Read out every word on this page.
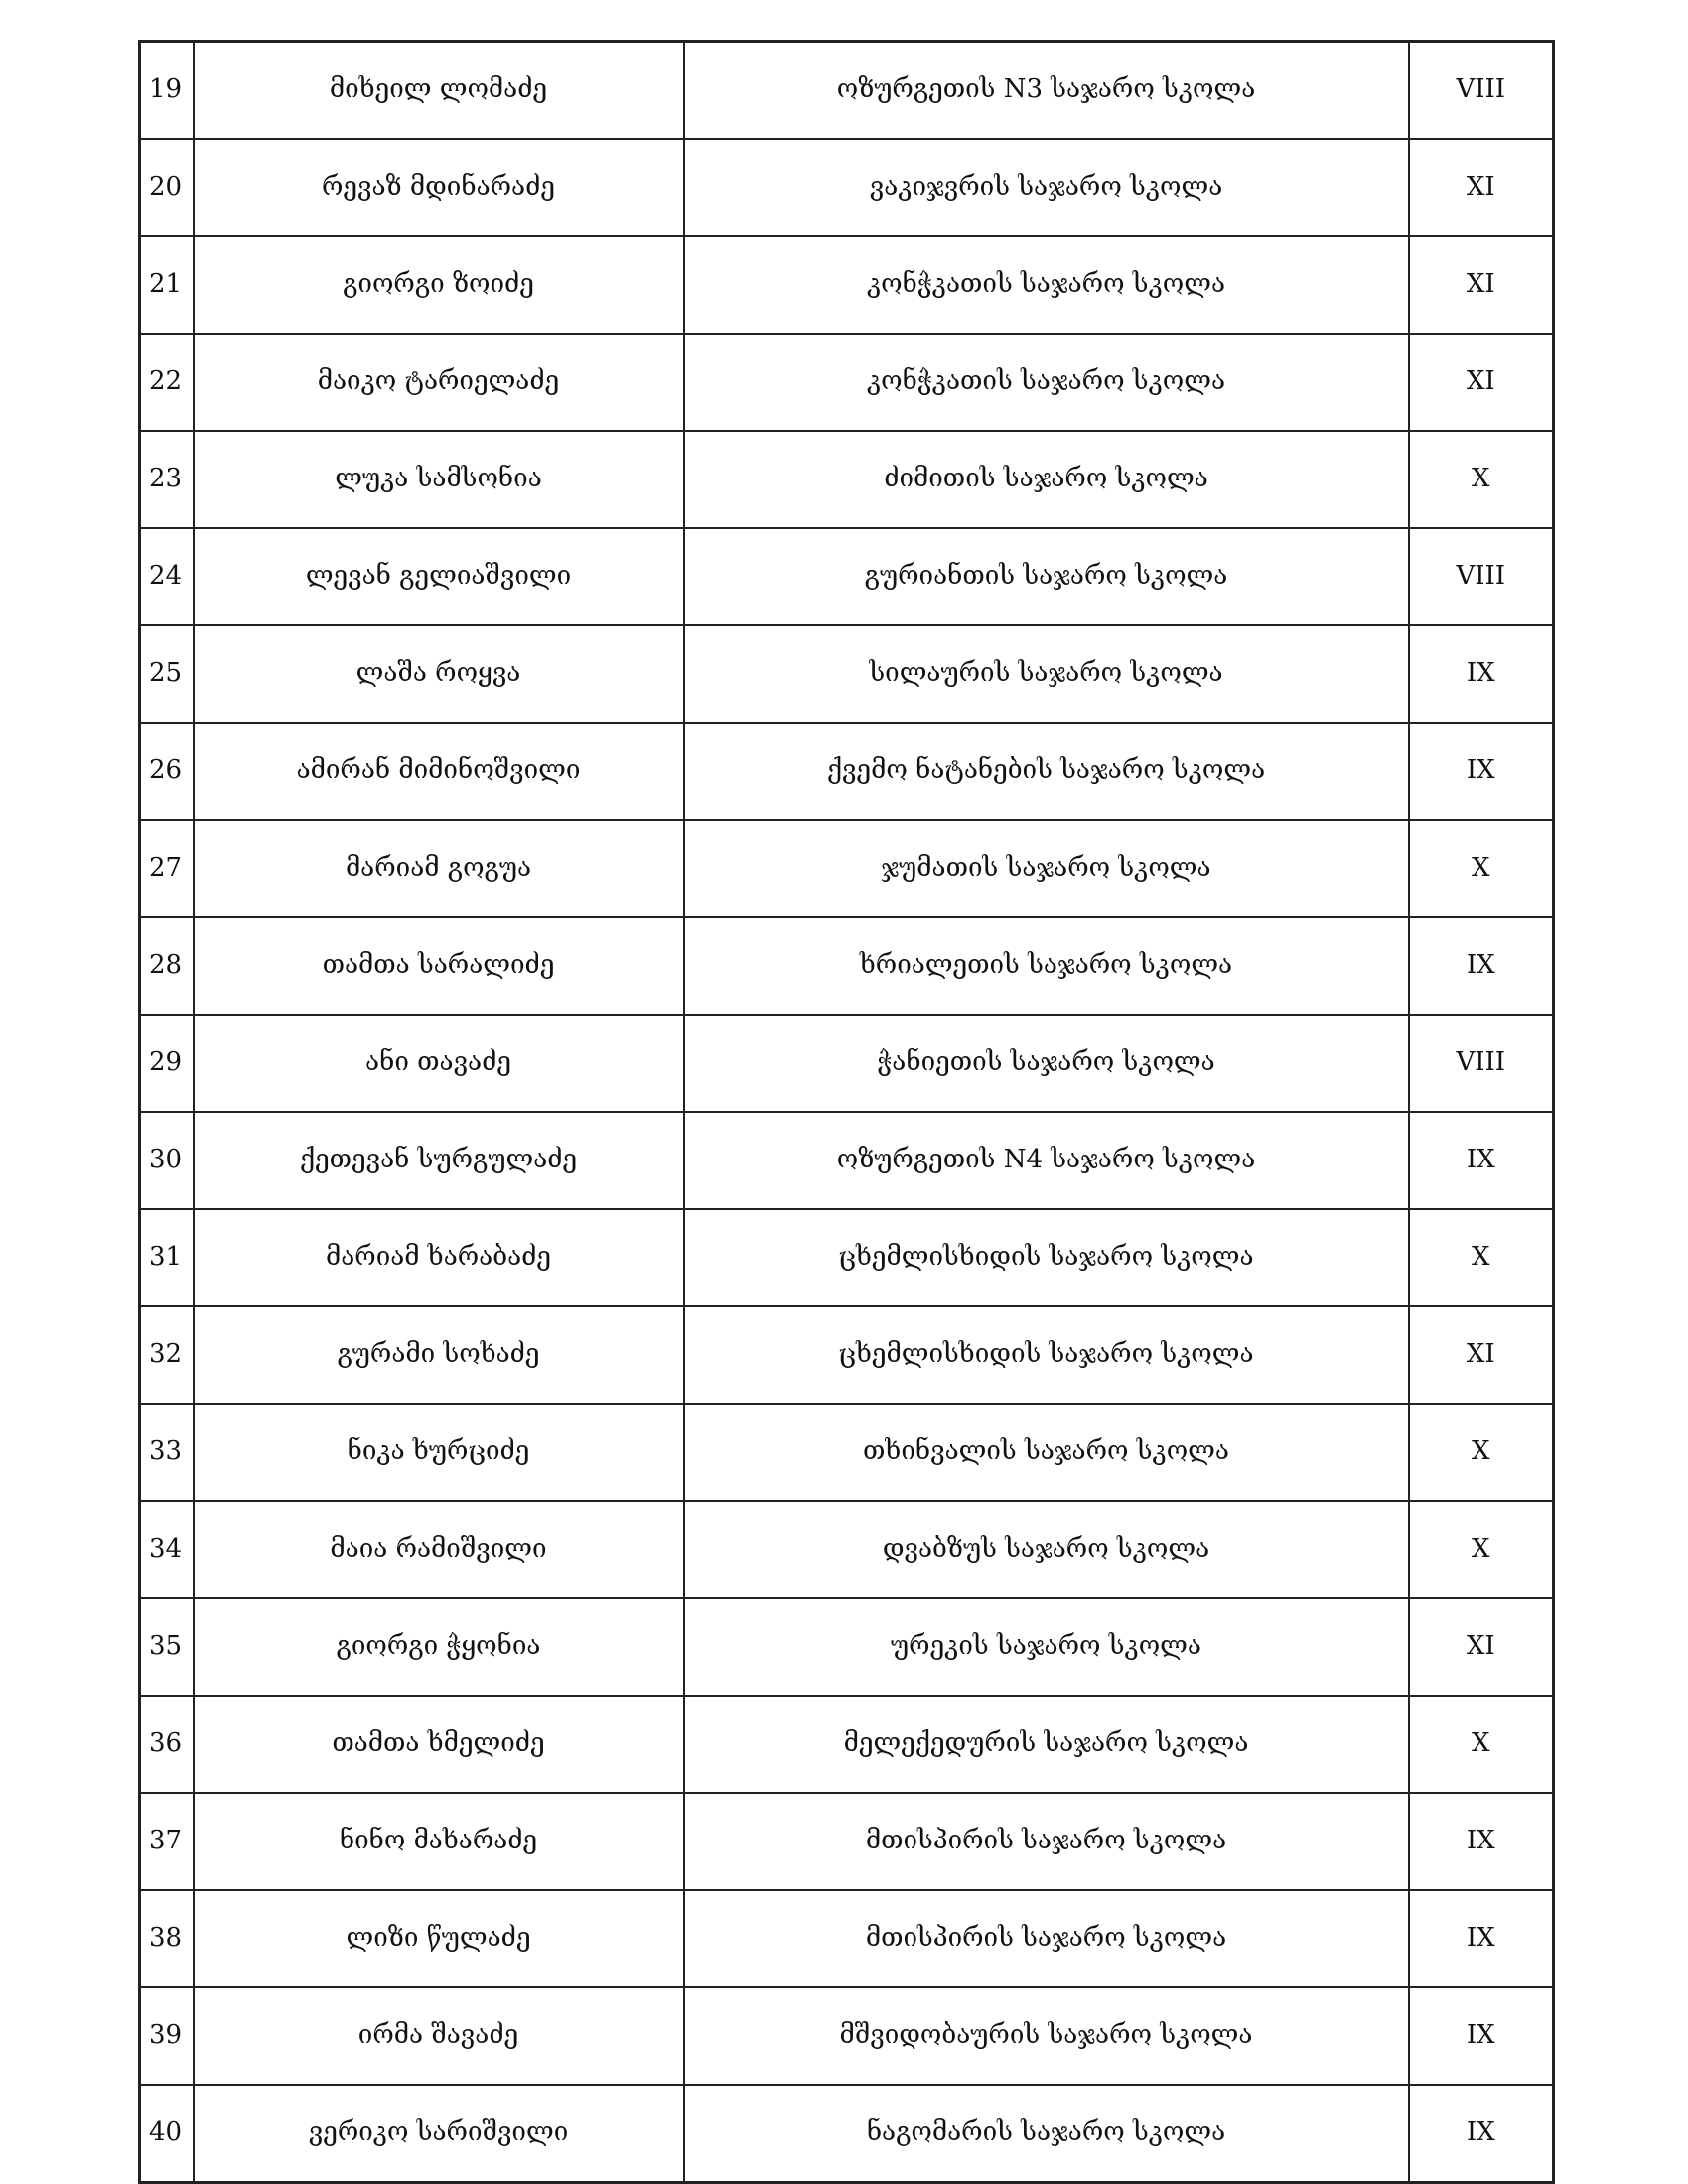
19	მიხეილ ლომაძე	ოზურგეთის N3 საჯარო სკოლა	VIII
20	რევაზ მდინარაძე	ვაკიჯვრის საჯარო სკოლა	XI
21	გიორგი ზოიძე	კონჭკათის საჯარო სკოლა	XI
22	მაიკო ტარიელაძე	კონჭკათის საჯარო სკოლა	XI
23	ლუკა სამსონია	ძიმითის საჯარო სკოლა	X
24	ლევან გელიაშვილი	გურიანთის საჯარო სკოლა	VIII
25	ლაშა როყვა	სილაურის საჯარო სკოლა	IX
26	ამირან მიმინოშვილი	ქვემო ნატანების საჯარო სკოლა	IX
27	მარიამ გოგუა	ჯუმათის საჯარო სკოლა	X
28	თამთა სარალიძე	ხრიალეთის საჯარო სკოლა	IX
29	ანი თავაძე	ჭანიეთის საჯარო სკოლა	VIII
30	ქეთევან სურგულაძე	ოზურგეთის N4 საჯარო სკოლა	IX
31	მარიამ ხარაბაძე	ცხემლისხიდის საჯარო სკოლა	X
32	გურამი სოხაძე	ცხემლისხიდის საჯარო სკოლა	XI
33	ნიკა ხურციძე	თხინვალის საჯარო სკოლა	X
34	მაია რამიშვილი	დვაბზუს საჯარო სკოლა	X
35	გიორგი ჭყონია	ურეკის საჯარო სკოლა	XI
36	თამთა ხმელიძე	მელექედურის საჯარო სკოლა	X
37	ნინო მახარაძე	მთისპირის საჯარო სკოლა	IX
38	ლიზი წულაძე	მთისპირის საჯარო სკოლა	IX
39	ირმა შავაძე	მშვიდობაურის საჯარო სკოლა	IX
40	ვერიკო სარიშვილი	ნაგომარის საჯარო სკოლა	IX
